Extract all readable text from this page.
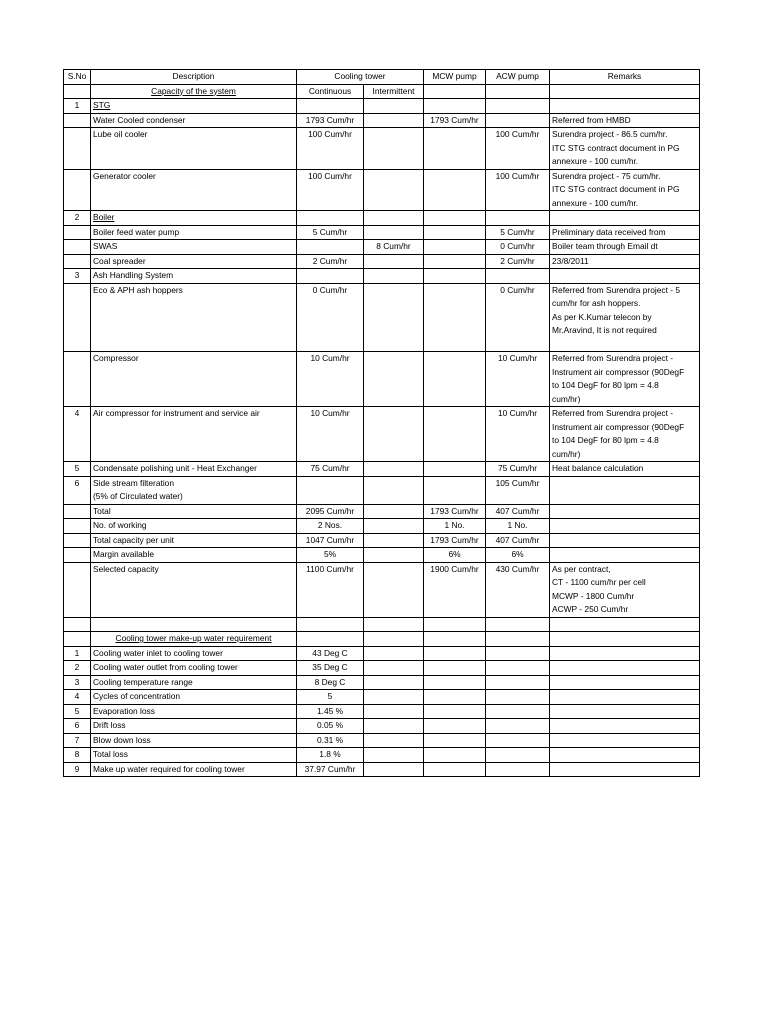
S.No	Description	Cooling tower		MCW pump	ACW pump	Remarks
	Capacity of the system	Continuous	Intermittent			
1	STG					

	Water Cooled condenser	1793 Cum/hr		1793 Cum/hr		Referred from HMBD

	Lube oil cooler	100 Cum/hr			100 Cum/hr	Surendra project - 86.5 cum/hr.
ITC STG contract document in PG
annexure - 100 cum/hr.

	Generator cooler	100 Cum/hr			100 Cum/hr	Surendra project - 75 cum/hr.
ITC STG contract document in PG
annexure - 100 cum/hr.

2	Boiler					

	Boiler feed water pump	5 Cum/hr			5 Cum/hr	Preliminary data received from

	SWAS		8 Cum/hr		0 Cum/hr	Boiler team through Email dt

	Coal spreader	2 Cum/hr			2 Cum/hr	23/8/2011

3	Ash Handling System					

	Eco & APH ash hoppers	0 Cum/hr			0 Cum/hr	Referred from Surendra project - 5
cum/hr for ash hoppers.
As per K.Kumar telecon by
Mr.Aravind, It is not required

	Compressor	10 Cum/hr			10 Cum/hr	Referred from Surendra project -
Instrument air compressor (90DegF
to 104 DegF for 80 lpm = 4.8
cum/hr)

4	Air compressor for instrument and service air	10 Cum/hr			10 Cum/hr	Referred from Surendra project -
Instrument air compressor (90DegF
to 104 DegF for 80 lpm = 4.8
cum/hr)

5	Condensate polishing unit - Heat Exchanger	75 Cum/hr			75 Cum/hr	Heat balance calculation

6	Side stream filteration
(5% of Circulated water)				105 Cum/hr	

	Total	2095 Cum/hr		1793 Cum/hr	407 Cum/hr	

	No. of working	2 Nos.		1 No.	1 No.	

	Total capacity per unit	1047 Cum/hr		1793 Cum/hr	407 Cum/hr	

	Margin available	5%		6%	6%	

	Selected capacity	1100 Cum/hr		1900 Cum/hr	430 Cum/hr	As per contract,
CT - 1100 cum/hr per cell
MCWP - 1800 Cum/hr
ACWP - 250 Cum/hr

	Cooling tower make-up water requirement					
1	Cooling water inlet to cooling tower	43 Deg C				
2	Cooling water outlet from cooling tower	35 Deg C				
3	Cooling temperature range	8 Deg C				
4	Cycles of concentration	5				
5	Evaporation loss	1.45 %				
6	Drift loss	0.05 %				
7	Blow down loss	0.31 %				
8	Total loss	1.8 %				
9	Make up water required for cooling tower	37.97 Cum/hr				
